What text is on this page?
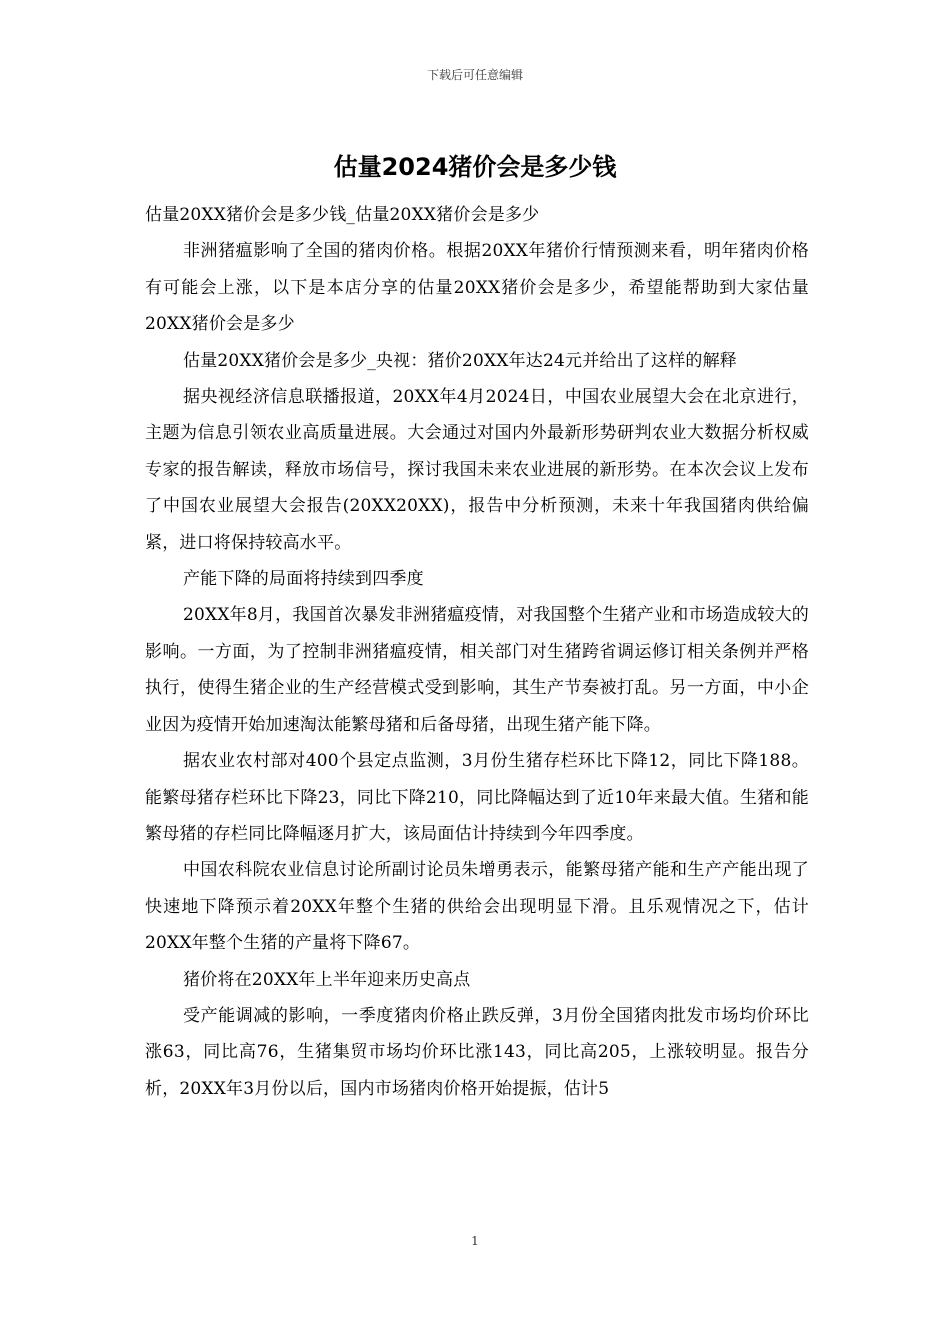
下载后可任意编辑
估量2024猪价会是多少钱

估量20XX猪价会是多少钱_估量20XX猪价会是多少

非洲猪瘟影响了全国的猪肉价格。根据20XX年猪价行情预测来看，明年猪肉价格有可能会上涨，以下是本店分享的估量20XX猪价会是多少，希望能帮助到大家估量20XX猪价会是多少

估量20XX猪价会是多少_央视：猪价20XX年达24元并给出了这样的解释

据央视经济信息联播报道，20XX年4月2024日，中国农业展望大会在北京进行，主题为信息引领农业高质量进展。大会通过对国内外最新形势研判农业大数据分析权威专家的报告解读，释放市场信号，探讨我国未来农业进展的新形势。在本次会议上发布了中国农业展望大会报告(20XX20XX)，报告中分析预测，未来十年我国猪肉供给偏紧，进口将保持较高水平。

产能下降的局面将持续到四季度

20XX年8月，我国首次暴发非洲猪瘟疫情，对我国整个生猪产业和市场造成较大的影响。一方面，为了控制非洲猪瘟疫情，相关部门对生猪跨省调运修订相关条例并严格执行，使得生猪企业的生产经营模式受到影响，其生产节奏被打乱。另一方面，中小企业因为疫情开始加速淘汰能繁母猪和后备母猪，出现生猪产能下降。

据农业农村部对400个县定点监测，3月份生猪存栏环比下降12，同比下降188。能繁母猪存栏环比下降23，同比下降210，同比降幅达到了近10年来最大值。生猪和能繁母猪的存栏同比降幅逐月扩大，该局面估计持续到今年四季度。

中国农科院农业信息讨论所副讨论员朱增勇表示，能繁母猪产能和生产产能出现了快速地下降预示着20XX年整个生猪的供给会出现明显下滑。且乐观情况之下，估计20XX年整个生猪的产量将下降67。

猪价将在20XX年上半年迎来历史高点

受产能调减的影响，一季度猪肉价格止跌反弹，3月份全国猪肉批发市场均价环比涨63，同比高76，生猪集贸市场均价环比涨143，同比高205，上涨较明显。报告分析，20XX年3月份以后，国内市场猪肉价格开始提振，估计5

1
